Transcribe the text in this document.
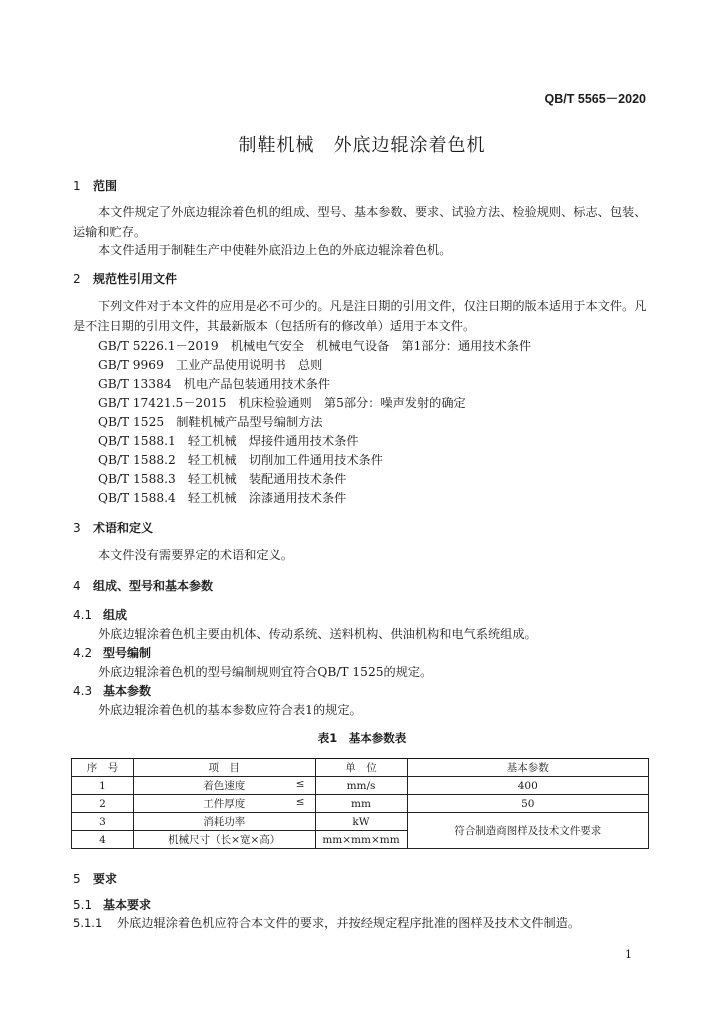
QB/T 5565－2020
制鞋机械　外底边辊涂着色机
1 范围
本文件规定了外底边辊涂着色机的组成、型号、基本参数、要求、试验方法、检验规则、标志、包装、运输和贮存。
本文件适用于制鞋生产中使鞋外底沿边上色的外底边辊涂着色机。
2 规范性引用文件
下列文件对于本文件的应用是必不可少的。凡是注日期的引用文件，仅注日期的版本适用于本文件。凡是不注日期的引用文件，其最新版本（包括所有的修改单）适用于本文件。
GB/T 5226.1－2019　机械电气安全　机械电气设备　第1部分：通用技术条件
GB/T 9969　工业产品使用说明书　总则
GB/T 13384　机电产品包装通用技术条件
GB/T 17421.5－2015　机床检验通则　第5部分：噪声发射的确定
QB/T 1525　制鞋机械产品型号编制方法
QB/T 1588.1　轻工机械　焊接件通用技术条件
QB/T 1588.2　轻工机械　切削加工件通用技术条件
QB/T 1588.3　轻工机械　装配通用技术条件
QB/T 1588.4　轻工机械　涂漆通用技术条件
3 术语和定义
本文件没有需要界定的术语和定义。
4 组成、型号和基本参数
4.1 组成
外底边辊涂着色机主要由机体、传动系统、送料机构、供油机构和电气系统组成。
4.2 型号编制
外底边辊涂着色机的型号编制规则宜符合QB/T 1525的规定。
4.3 基本参数
外底边辊涂着色机的基本参数应符合表1的规定。
表1　基本参数表
序　号	项　目	单　位	基本参数
1	着色速度 ≤	mm/s	400
2	工件厚度 ≤	mm	50
3	消耗功率	kW	符合制造商图样及技术文件要求
4	机械尺寸（长×宽×高）	mm×mm×mm	
5 要求
5.1 基本要求
5.1.1 外底边辊涂着色机应符合本文件的要求，并按经规定程序批准的图样及技术文件制造。
1
